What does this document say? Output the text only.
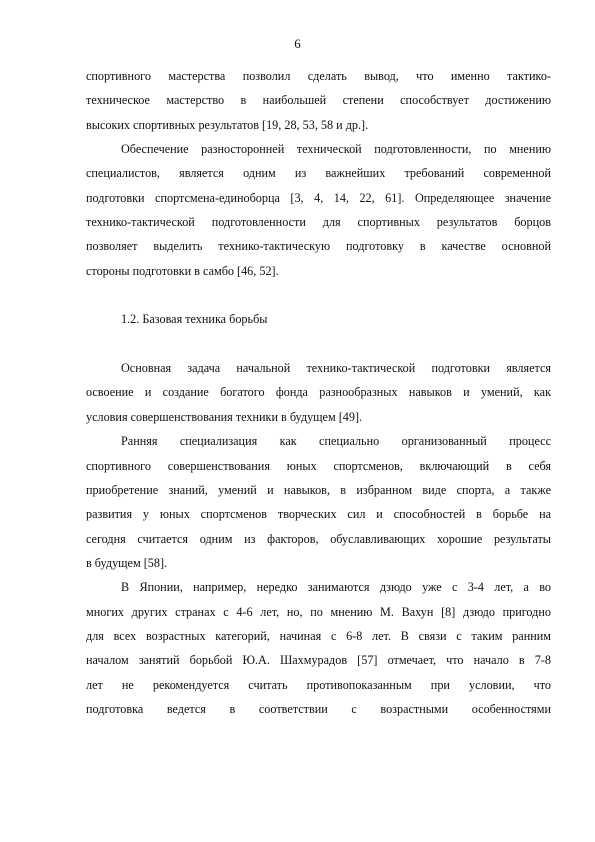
6
спортивного мастерства позволил сделать вывод, что именно тактико-
техническое мастерство в наибольшей степени способствует достижению
высоких спортивных результатов [19, 28, 53, 58 и др.].
Обеспечение разносторонней технической подготовленности, по мнению
специалистов, является одним из важнейших требований современной
подготовки спортсмена-единоборца [3, 4, 14, 22, 61]. Определяющее значение
технико-тактической подготовленности для спортивных результатов борцов
позволяет выделить технико-тактическую подготовку в качестве основной
стороны подготовки в самбо [46, 52].
1.2. Базовая техника борьбы
Основная задача начальной технико-тактической подготовки является
освоение и создание богатого фонда разнообразных навыков и умений, как
условия совершенствования техники в будущем [49].
Ранняя специализация как специально организованный процесс
спортивного совершенствования юных спортсменов, включающий в себя
приобретение знаний, умений и навыков, в избранном виде спорта, а также
развития у юных спортсменов творческих сил и способностей в борьбе на
сегодня считается одним из факторов, обуславливающих хорошие результаты
в будущем [58].
В Японии, например, нередко занимаются дзюдо уже с 3-4 лет, а во
многих других странах с 4-6 лет, но, по мнению М. Вахун [8] дзюдо пригодно
для всех возрастных категорий, начиная с 6-8 лет. В связи с таким ранним
началом занятий борьбой Ю.А. Шахмурадов [57] отмечает, что начало в 7-8
лет не рекомендуется считать противопоказанным при условии, что
подготовка ведется в соответствии с возрастными особенностями
